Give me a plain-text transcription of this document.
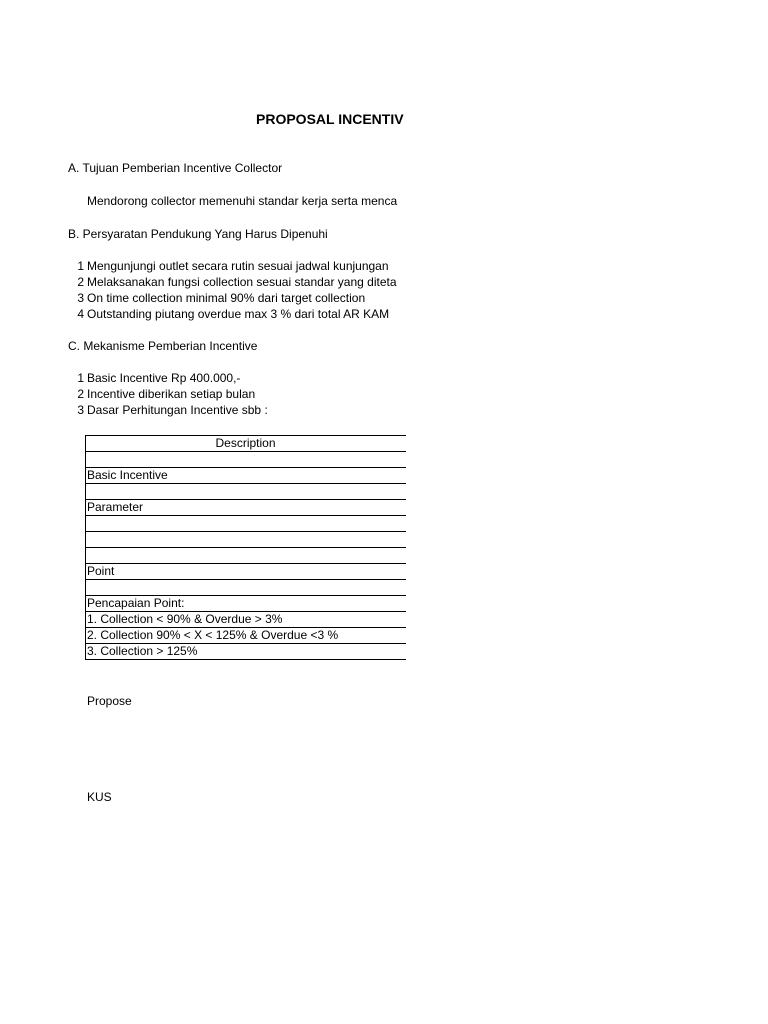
PROPOSAL INCENTIV
A. Tujuan Pemberian Incentive Collector
Mendorong collector memenuhi standar kerja serta menca
B. Persyaratan Pendukung Yang Harus Dipenuhi
1 Mengunjungi outlet secara rutin sesuai jadwal kunjungan
2 Melaksanakan fungsi collection sesuai standar yang diteta
3 On time collection minimal 90% dari target collection
4 Outstanding piutang overdue max 3 % dari total AR KAM
C. Mekanisme Pemberian Incentive
1 Basic Incentive Rp 400.000,-
2 Incentive diberikan setiap bulan
3 Dasar Perhitungan Incentive sbb :
Description

Basic Incentive

Parameter

Point

Pencapaian Point:
1. Collection < 90% & Overdue > 3%
2. Collection 90% < X < 125% & Overdue <3 %
3. Collection > 125%
Propose
KUS
